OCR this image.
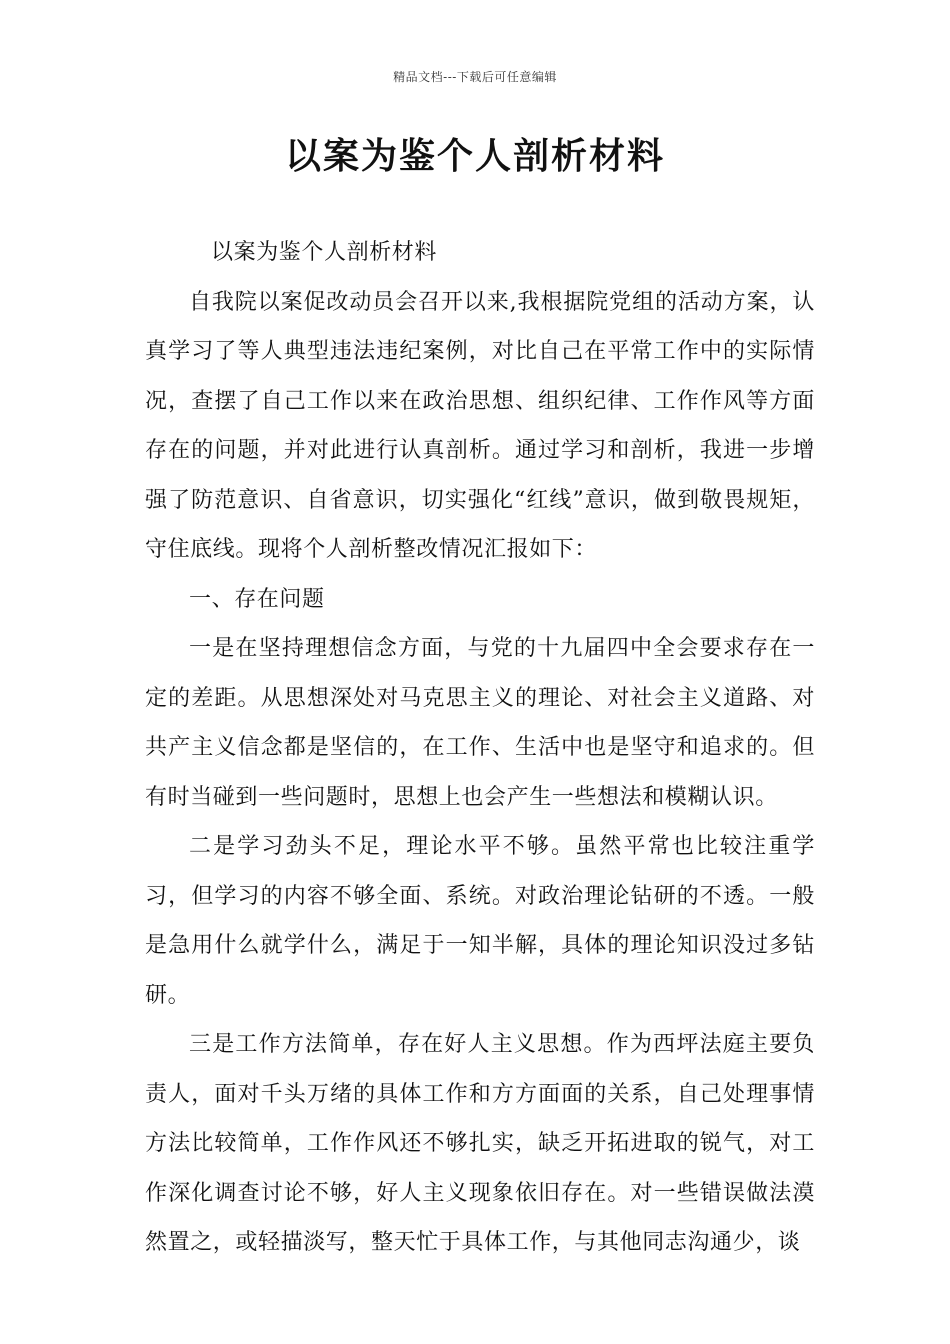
精品文档---下载后可任意编辑
以案为鉴个人剖析材料

以案为鉴个人剖析材料

自我院以案促改动员会召开以来,我根据院党组的活动方案，认真学习了等人典型违法违纪案例，对比自己在平常工作中的实际情况，查摆了自己工作以来在政治思想、组织纪律、工作作风等方面存在的问题，并对此进行认真剖析。通过学习和剖析，我进一步增强了防范意识、自省意识，切实强化“红线”意识，做到敬畏规矩，守住底线。现将个人剖析整改情况汇报如下：

一、存在问题

一是在坚持理想信念方面，与党的十九届四中全会要求存在一定的差距。从思想深处对马克思主义的理论、对社会主义道路、对共产主义信念都是坚信的，在工作、生活中也是坚守和追求的。但有时当碰到一些问题时，思想上也会产生一些想法和模糊认识。

二是学习劲头不足，理论水平不够。虽然平常也比较注重学习，但学习的内容不够全面、系统。对政治理论钻研的不透。一般是急用什么就学什么，满足于一知半解，具体的理论知识没过多钻研。

三是工作方法简单，存在好人主义思想。作为西坪法庭主要负责人，面对千头万绪的具体工作和方方面面的关系，自己处理事情方法比较简单，工作作风还不够扎实，缺乏开拓进取的锐气，对工作深化调查讨论不够，好人主义现象依旧存在。对一些错误做法漠然置之，或轻描淡写，整天忙于具体工作，与其他同志沟通少，谈
